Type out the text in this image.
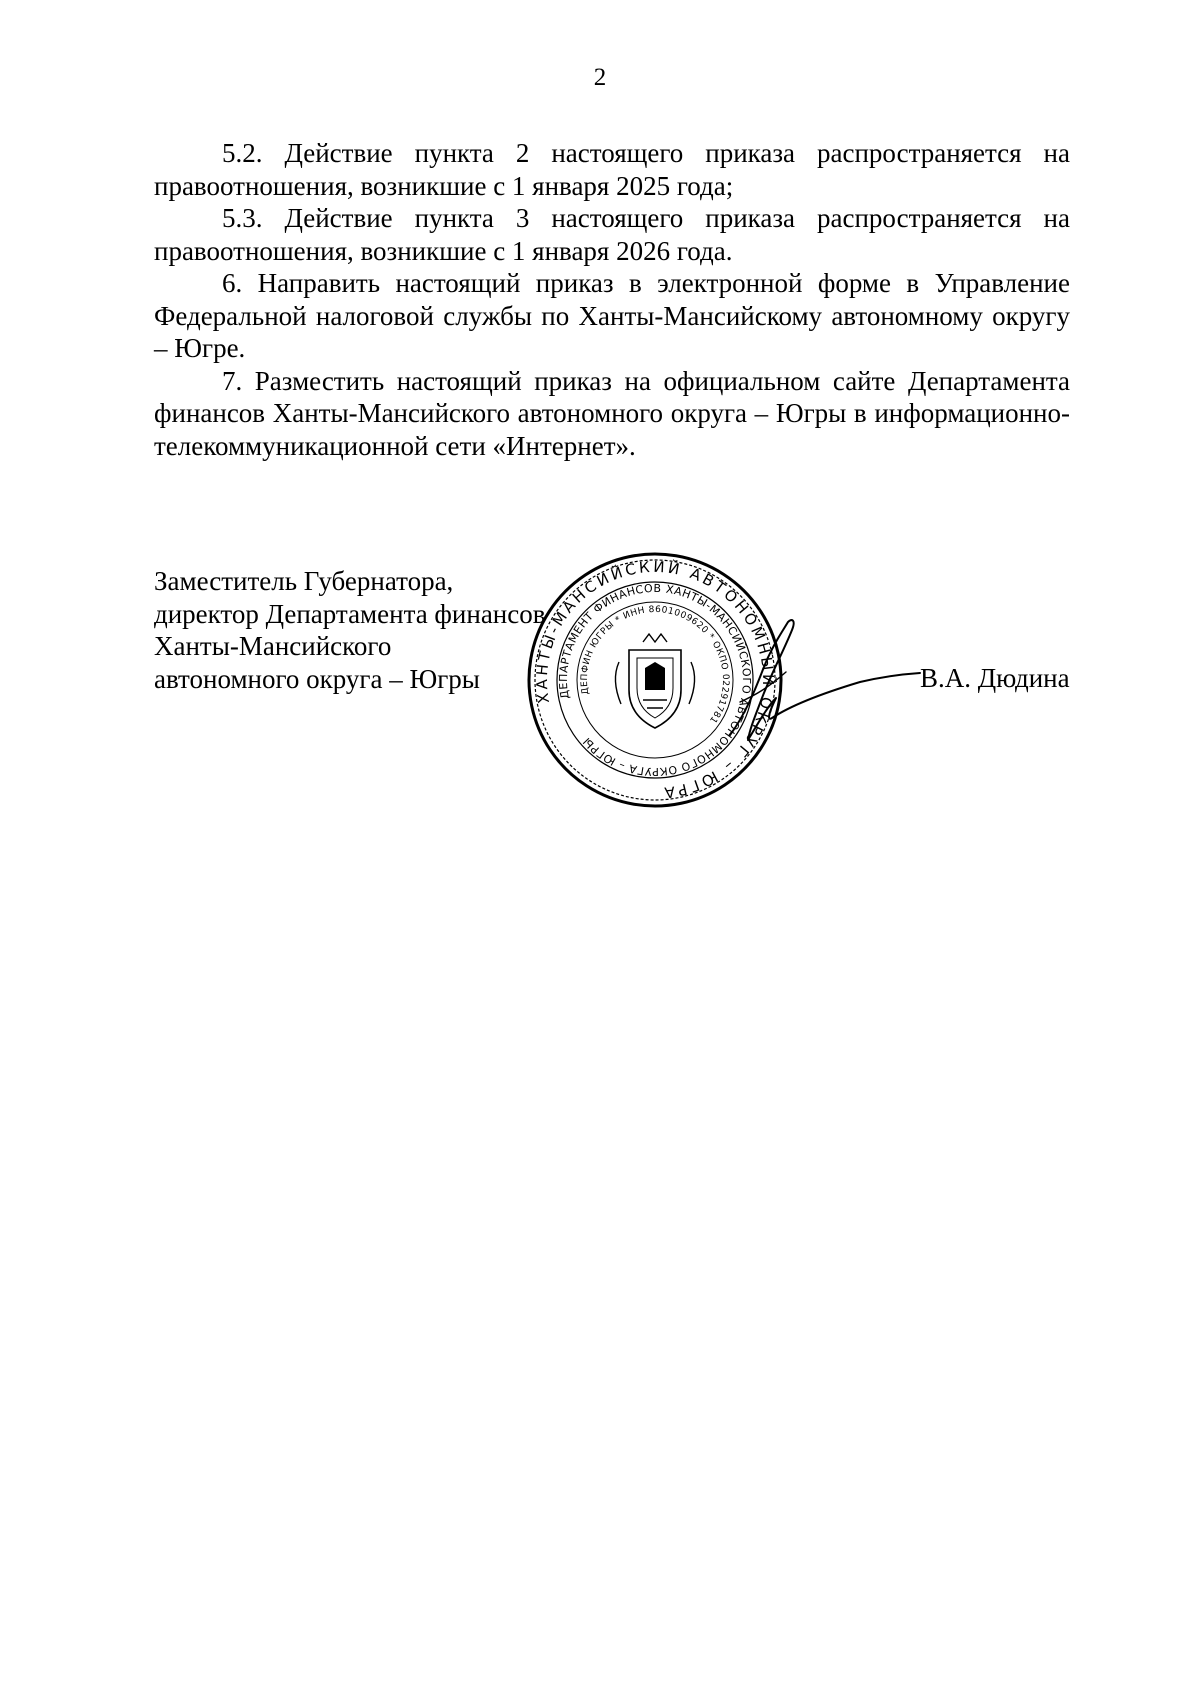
2

5.2. Действие пункта 2 настоящего приказа распространяется на правоотношения, возникшие с 1 января 2025 года;

5.3. Действие пункта 3 настоящего приказа распространяется на правоотношения, возникшие с 1 января 2026 года.

6. Направить настоящий приказ в электронной форме в Управление Федеральной налоговой службы по Ханты-Мансийскому автономному округу – Югре.

7. Разместить настоящий приказ на официальном сайте Департамента финансов Ханты-Мансийского автономного округа – Югры в информационно-телекоммуникационной сети «Интернет».

Заместитель Губернатора,
директор Департамента финансов
Ханты-Мансийского
автономного округа – Югры
ХАНТЫ-МАНСИЙСКИЙ АВТОНОМНЫЙ ОКРУГ – ЮГРА
ДЕПАРТАМЕНТ ФИНАНСОВ ХАНТЫ-МАНСИЙСКОГО АВТОНОМНОГО ОКРУГА – ЮГРЫ
ДЕПФИН ЮГРЫ * ИНН 8601009620 * ОКПО 02291781
В.А. Дюдина
